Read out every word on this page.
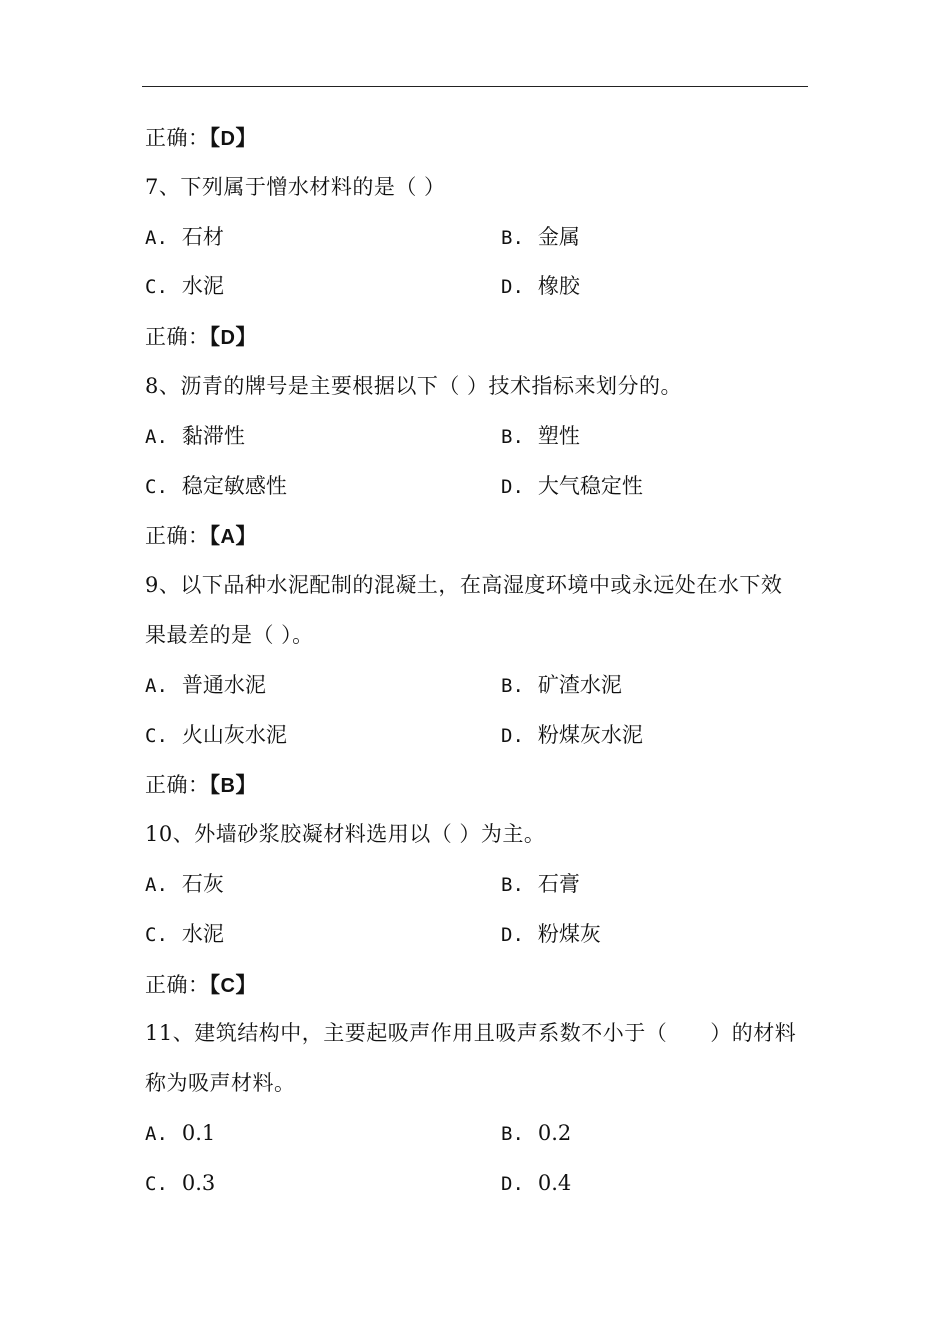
正确：【D】
7、下列属于憎水材料的是（ ）
A. 石材	B. 金属
C. 水泥	D. 橡胶
正确：【D】
8、沥青的牌号是主要根据以下（ ）技术指标来划分的。
A. 黏滞性	B. 塑性
C. 稳定敏感性	D. 大气稳定性
正确：【A】
9、以下品种水泥配制的混凝土，在高湿度环境中或永远处在水下效
果最差的是（ ）。
A. 普通水泥	B. 矿渣水泥
C. 火山灰水泥	D. 粉煤灰水泥
正确：【B】
10、外墙砂浆胶凝材料选用以（ ）为主。
A. 石灰	B. 石膏
C. 水泥	D. 粉煤灰
正确：【C】
11、建筑结构中，主要起吸声作用且吸声系数不小于（　　）的材料
称为吸声材料。
A. 0.1	B. 0.2
C. 0.3	D. 0.4
